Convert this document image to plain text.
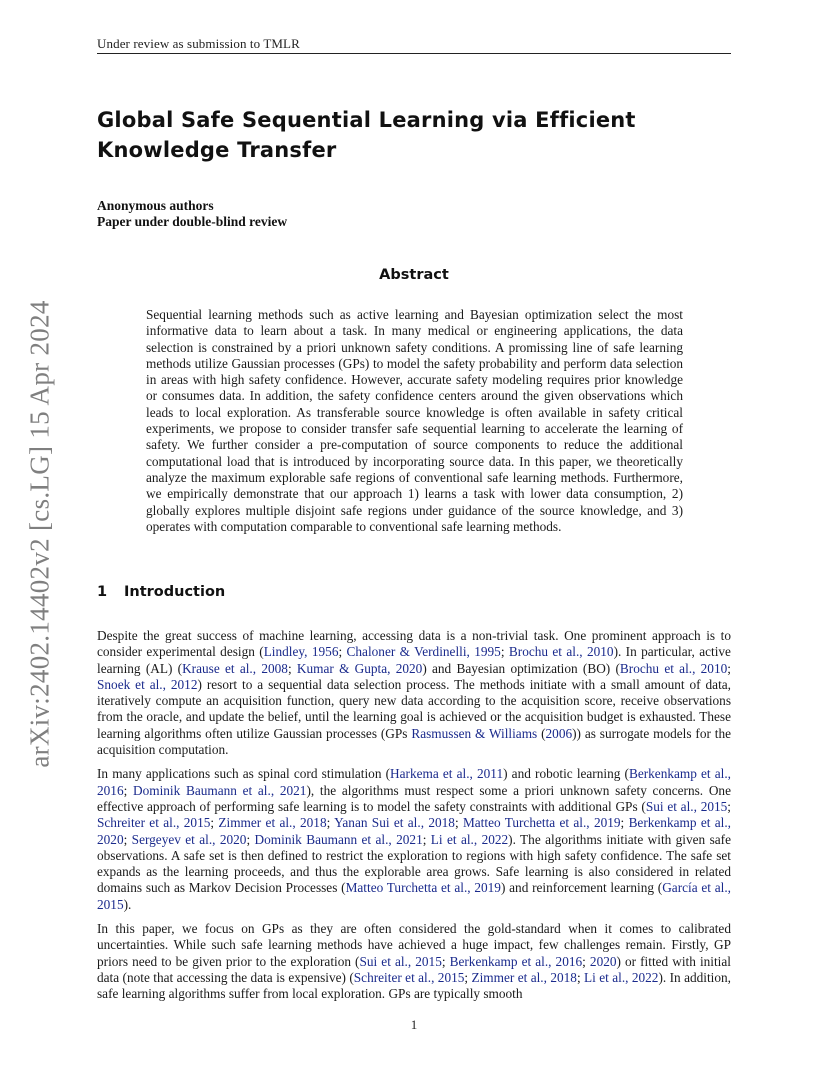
Under review as submission to TMLR
arXiv:2402.14402v2 [cs.LG] 15 Apr 2024
Global Safe Sequential Learning via Efficient Knowledge Transfer
Anonymous authors
Paper under double-blind review
Abstract
Sequential learning methods such as active learning and Bayesian optimization select the most informative data to learn about a task. In many medical or engineering applications, the data selection is constrained by a priori unknown safety conditions. A promissing line of safe learning methods utilize Gaussian processes (GPs) to model the safety probability and perform data selection in areas with high safety confidence. However, accurate safety modeling requires prior knowledge or consumes data. In addition, the safety confidence centers around the given observations which leads to local exploration. As transferable source knowledge is often available in safety critical experiments, we propose to consider transfer safe sequential learning to accelerate the learning of safety. We further consider a pre-computation of source components to reduce the additional computational load that is introduced by incorporating source data. In this paper, we theoretically analyze the maximum explorable safe regions of conventional safe learning methods. Furthermore, we empirically demonstrate that our approach 1) learns a task with lower data consumption, 2) globally explores multiple disjoint safe regions under guidance of the source knowledge, and 3) operates with computation comparable to conventional safe learning methods.
1 Introduction

Despite the great success of machine learning, accessing data is a non-trivial task. One prominent approach is to consider experimental design (Lindley, 1956; Chaloner & Verdinelli, 1995; Brochu et al., 2010). In particular, active learning (AL) (Krause et al., 2008; Kumar & Gupta, 2020) and Bayesian optimization (BO) (Brochu et al., 2010; Snoek et al., 2012) resort to a sequential data selection process. The methods initiate with a small amount of data, iteratively compute an acquisition function, query new data according to the acquisition score, receive observations from the oracle, and update the belief, until the learning goal is achieved or the acquisition budget is exhausted. These learning algorithms often utilize Gaussian processes (GPs Rasmussen & Williams (2006)) as surrogate models for the acquisition computation.

In many applications such as spinal cord stimulation (Harkema et al., 2011) and robotic learning (Berkenkamp et al., 2016; Dominik Baumann et al., 2021), the algorithms must respect some a priori unknown safety concerns. One effective approach of performing safe learning is to model the safety constraints with additional GPs (Sui et al., 2015; Schreiter et al., 2015; Zimmer et al., 2018; Yanan Sui et al., 2018; Matteo Turchetta et al., 2019; Berkenkamp et al., 2020; Sergeyev et al., 2020; Dominik Baumann et al., 2021; Li et al., 2022). The algorithms initiate with given safe observations. A safe set is then defined to restrict the exploration to regions with high safety confidence. The safe set expands as the learning proceeds, and thus the explorable area grows. Safe learning is also considered in related domains such as Markov Decision Processes (Matteo Turchetta et al., 2019) and reinforcement learning (García et al., 2015).

In this paper, we focus on GPs as they are often considered the gold-standard when it comes to calibrated uncertainties. While such safe learning methods have achieved a huge impact, few challenges remain. Firstly, GP priors need to be given prior to the exploration (Sui et al., 2015; Berkenkamp et al., 2016; 2020) or fitted with initial data (note that accessing the data is expensive) (Schreiter et al., 2015; Zimmer et al., 2018; Li et al., 2022). In addition, safe learning algorithms suffer from local exploration. GPs are typically smooth

1
